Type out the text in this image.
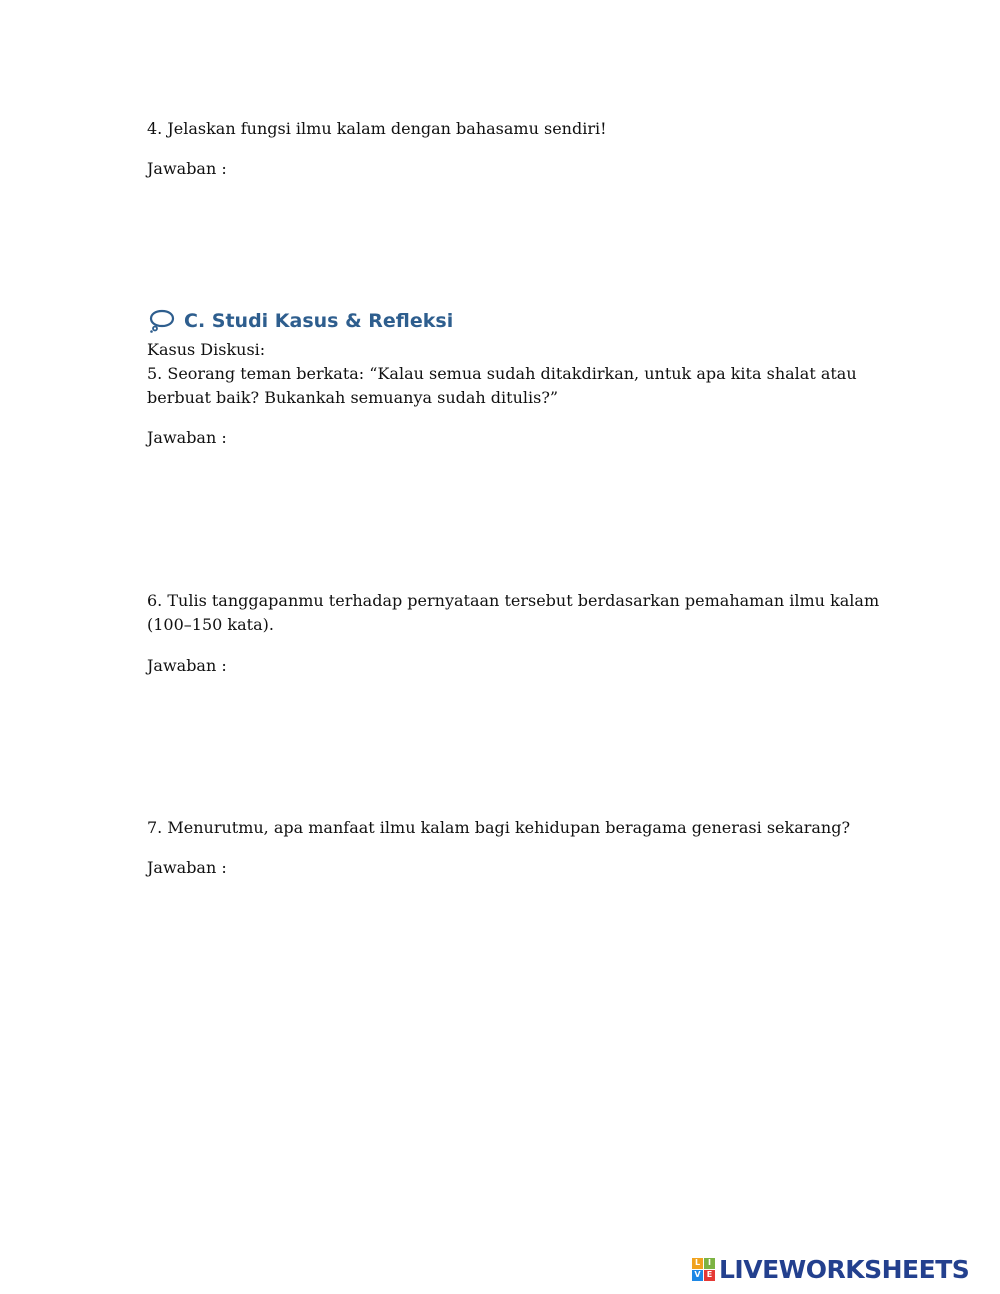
4. Jelaskan fungsi ilmu kalam dengan bahasamu sendiri!

Jawaban :

C. Studi Kasus & Refleksi

Kasus Diskusi:

5. Seorang teman berkata: “Kalau semua sudah ditakdirkan, untuk apa kita shalat atau

berbuat baik? Bukankah semuanya sudah ditulis?”

Jawaban :

6. Tulis tanggapanmu terhadap pernyataan tersebut berdasarkan pemahaman ilmu kalam

(100–150 kata).

Jawaban :

7. Menurutmu, apa manfaat ilmu kalam bagi kehidupan beragama generasi sekarang?

Jawaban :

L I
V E LIVEWORKSHEETS
